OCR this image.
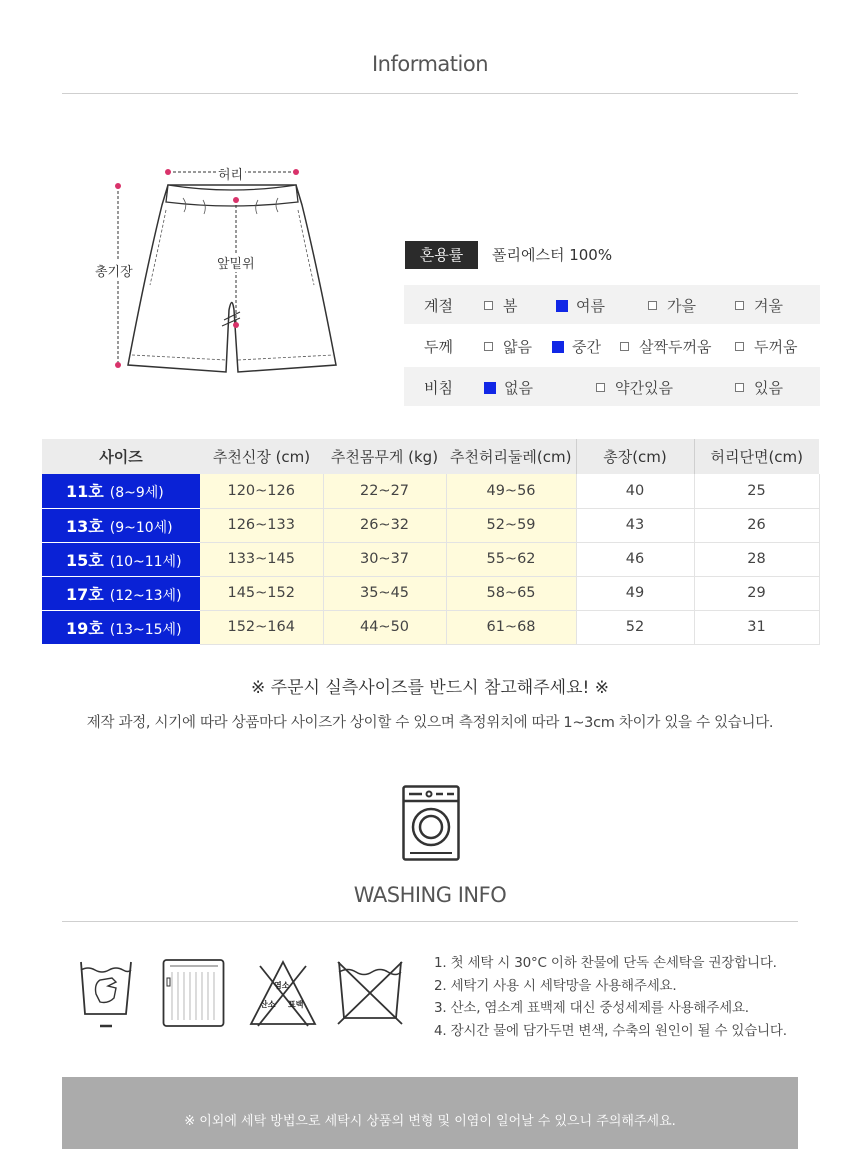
Information
허리
총기장
앞밑위
혼용률	폴리에스터 100%
계절	봄	여름	가을	겨울
두께	얇음	중간	살짝두꺼움	두꺼움
비침	없음	약간있음	있음
사이즈	추천신장 (cm)	추천몸무게 (kg)	추천허리둘레(cm)	총장(cm)	허리단면(cm)
11호 (8~9세)	120~126	22~27	49~56	40	25
13호 (9~10세)	126~133	26~32	52~59	43	26
15호 (10~11세)	133~145	30~37	55~62	46	28
17호 (12~13세)	145~152	35~45	58~65	49	29
19호 (13~15세)	152~164	44~50	61~68	52	31
※ 주문시 실측사이즈를 반드시 참고해주세요! ※
제작 과정, 시기에 따라 상품마다 사이즈가 상이할 수 있으며 측정위치에 따라 1~3cm 차이가 있을 수 있습니다.
WASHING INFO
염소
산소 표백
1. 첫 세탁 시 30°C 이하 찬물에 단독 손세탁을 권장합니다.
2. 세탁기 사용 시 세탁망을 사용해주세요.
3. 산소, 염소계 표백제 대신 중성세제를 사용해주세요.
4. 장시간 물에 담가두면 변색, 수축의 원인이 될 수 있습니다.
※ 이외에 세탁 방법으로 세탁시 상품의 변형 및 이염이 일어날 수 있으니 주의해주세요.
